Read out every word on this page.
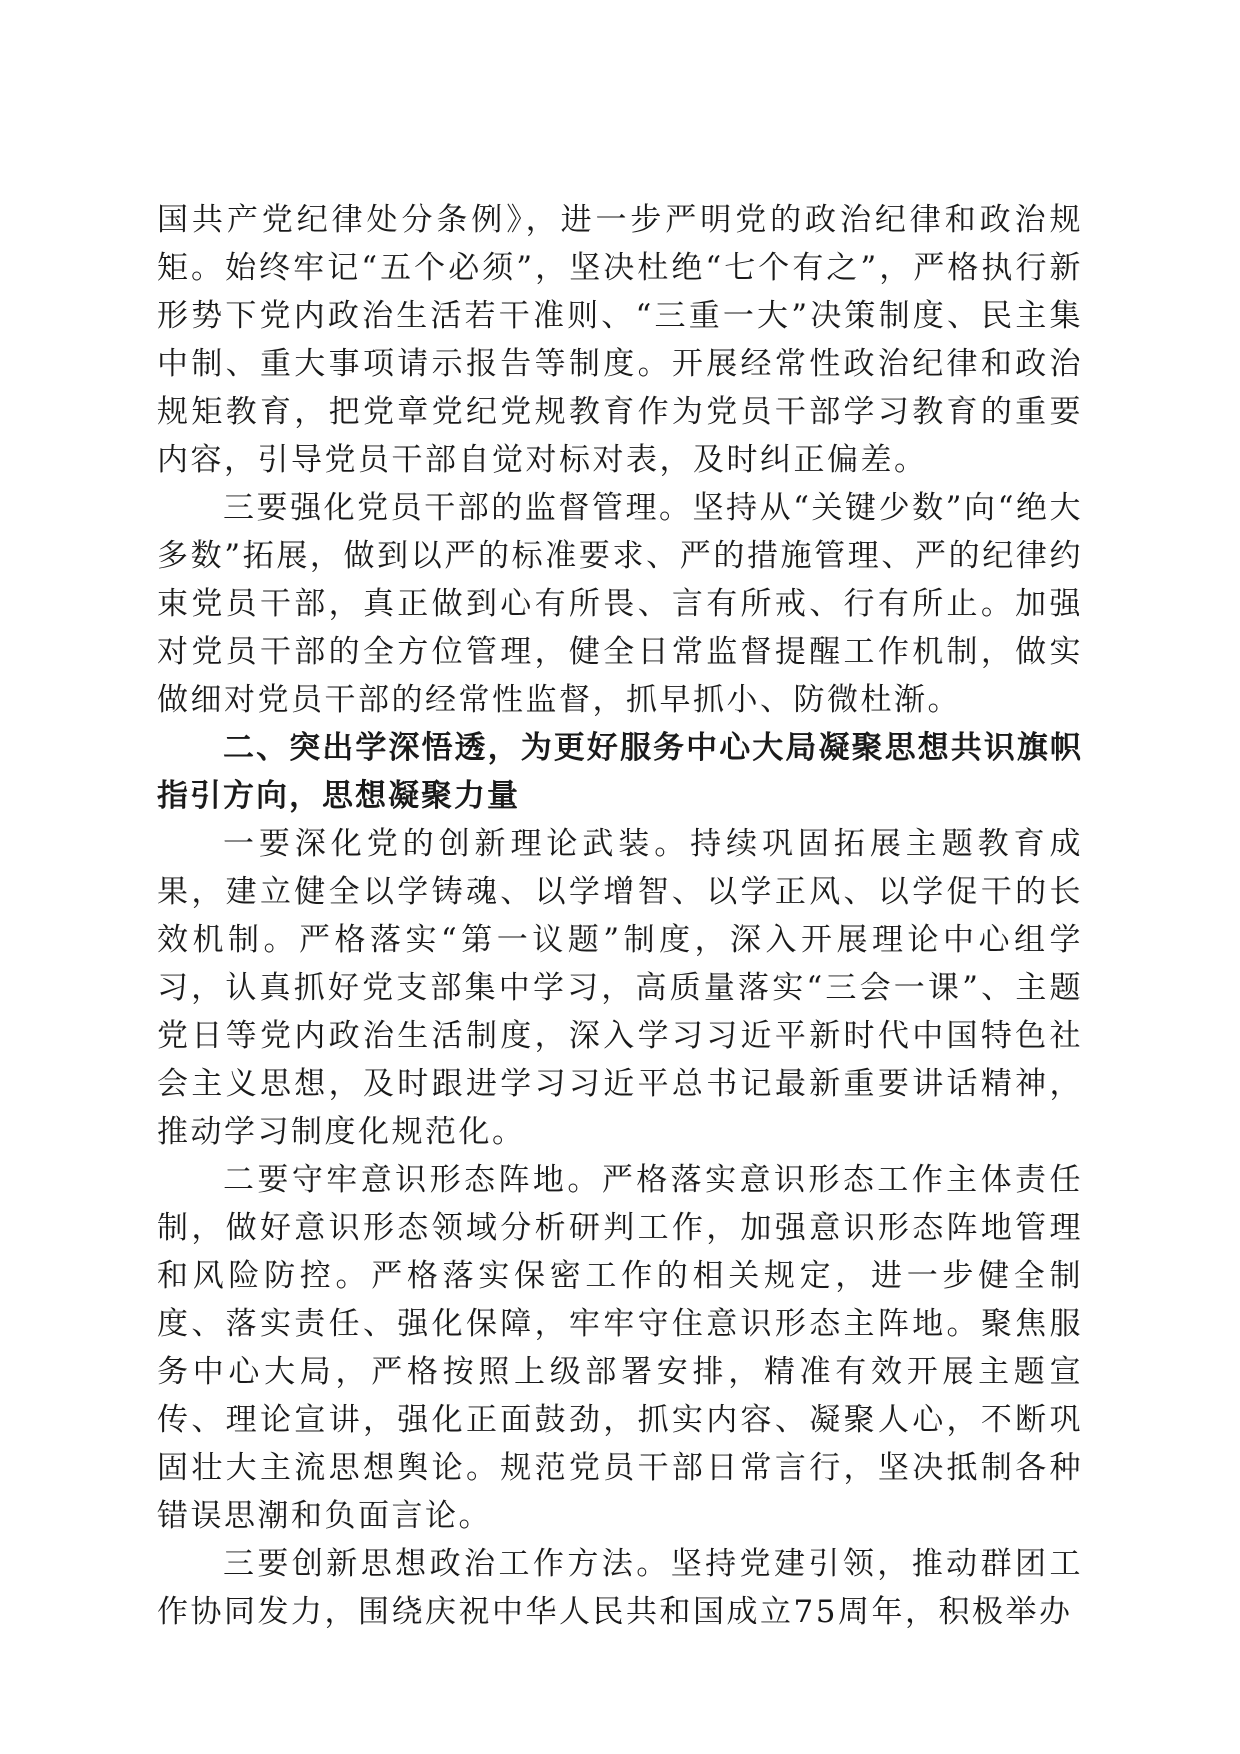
国共产党纪律处分条例》，进一步严明党的政治纪律和政治规矩。始终牢记“五个必须”，坚决杜绝“七个有之”，严格执行新形势下党内政治生活若干准则、“三重一大”决策制度、民主集中制、重大事项请示报告等制度。开展经常性政治纪律和政治规矩教育，把党章党纪党规教育作为党员干部学习教育的重要内容，引导党员干部自觉对标对表，及时纠正偏差。

三要强化党员干部的监督管理。坚持从“关键少数”向“绝大多数”拓展，做到以严的标准要求、严的措施管理、严的纪律约束党员干部，真正做到心有所畏、言有所戒、行有所止。加强对党员干部的全方位管理，健全日常监督提醒工作机制，做实做细对党员干部的经常性监督，抓早抓小、防微杜渐。

二、突出学深悟透，为更好服务中心大局凝聚思想共识旗帜指引方向，思想凝聚力量

一要深化党的创新理论武装。持续巩固拓展主题教育成果，建立健全以学铸魂、以学增智、以学正风、以学促干的长效机制。严格落实“第一议题”制度，深入开展理论中心组学习，认真抓好党支部集中学习，高质量落实“三会一课”、主题党日等党内政治生活制度，深入学习习近平新时代中国特色社会主义思想，及时跟进学习习近平总书记最新重要讲话精神，推动学习制度化规范化。

二要守牢意识形态阵地。严格落实意识形态工作主体责任制，做好意识形态领域分析研判工作，加强意识形态阵地管理和风险防控。严格落实保密工作的相关规定，进一步健全制度、落实责任、强化保障，牢牢守住意识形态主阵地。聚焦服务中心大局，严格按照上级部署安排，精准有效开展主题宣传、理论宣讲，强化正面鼓劲，抓实内容、凝聚人心，不断巩固壮大主流思想舆论。规范党员干部日常言行，坚决抵制各种错误思潮和负面言论。

三要创新思想政治工作方法。坚持党建引领，推动群团工作协同发力，围绕庆祝中华人民共和国成立75周年，积极举办
